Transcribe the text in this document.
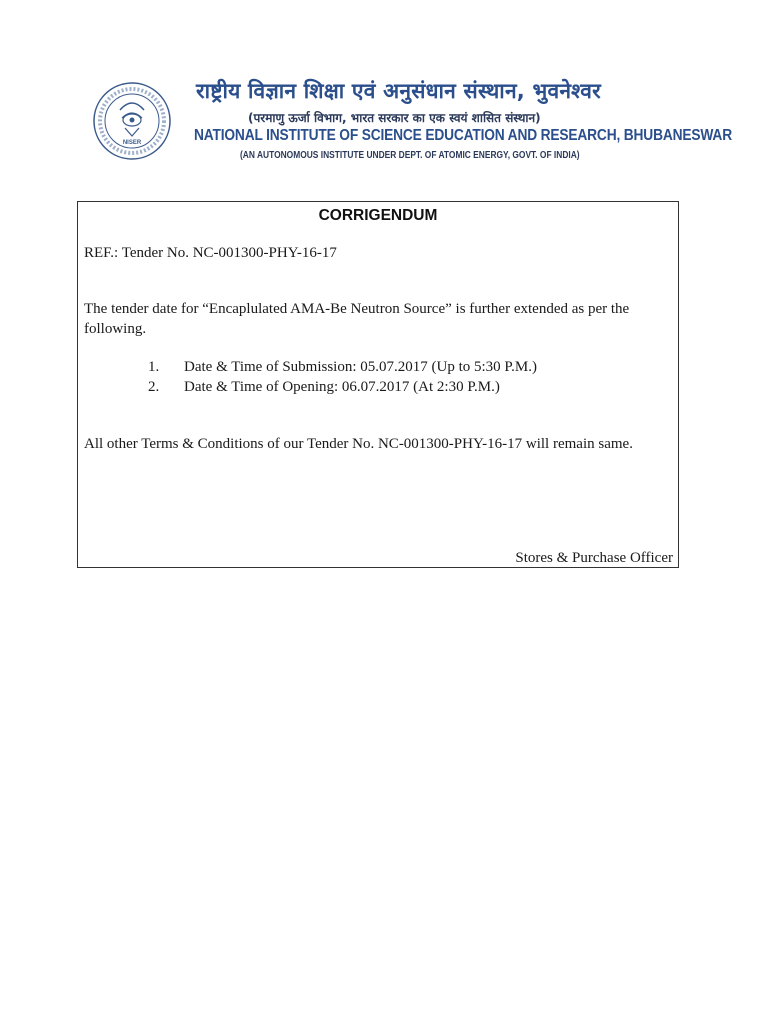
NISER
राष्ट्रीय विज्ञान शिक्षा एवं अनुसंधान संस्थान, भुवनेश्वर
(परमाणु ऊर्जा विभाग, भारत सरकार का एक स्वयं शासित संस्थान)
NATIONAL INSTITUTE OF SCIENCE EDUCATION AND RESEARCH, BHUBANESWAR
(AN AUTONOMOUS INSTITUTE UNDER DEPT. OF ATOMIC ENERGY, GOVT. OF INDIA)
CORRIGENDUM
REF.: Tender No. NC-001300-PHY-16-17
The tender date for “Encaplulated AMA-Be Neutron Source” is further extended as per the following.
1.	Date & Time of Submission: 05.07.2017 (Up to 5:30 P.M.)
2.	Date & Time of Opening: 06.07.2017 (At 2:30 P.M.)
All other Terms & Conditions of our Tender No. NC-001300-PHY-16-17 will remain same.
Stores & Purchase Officer
